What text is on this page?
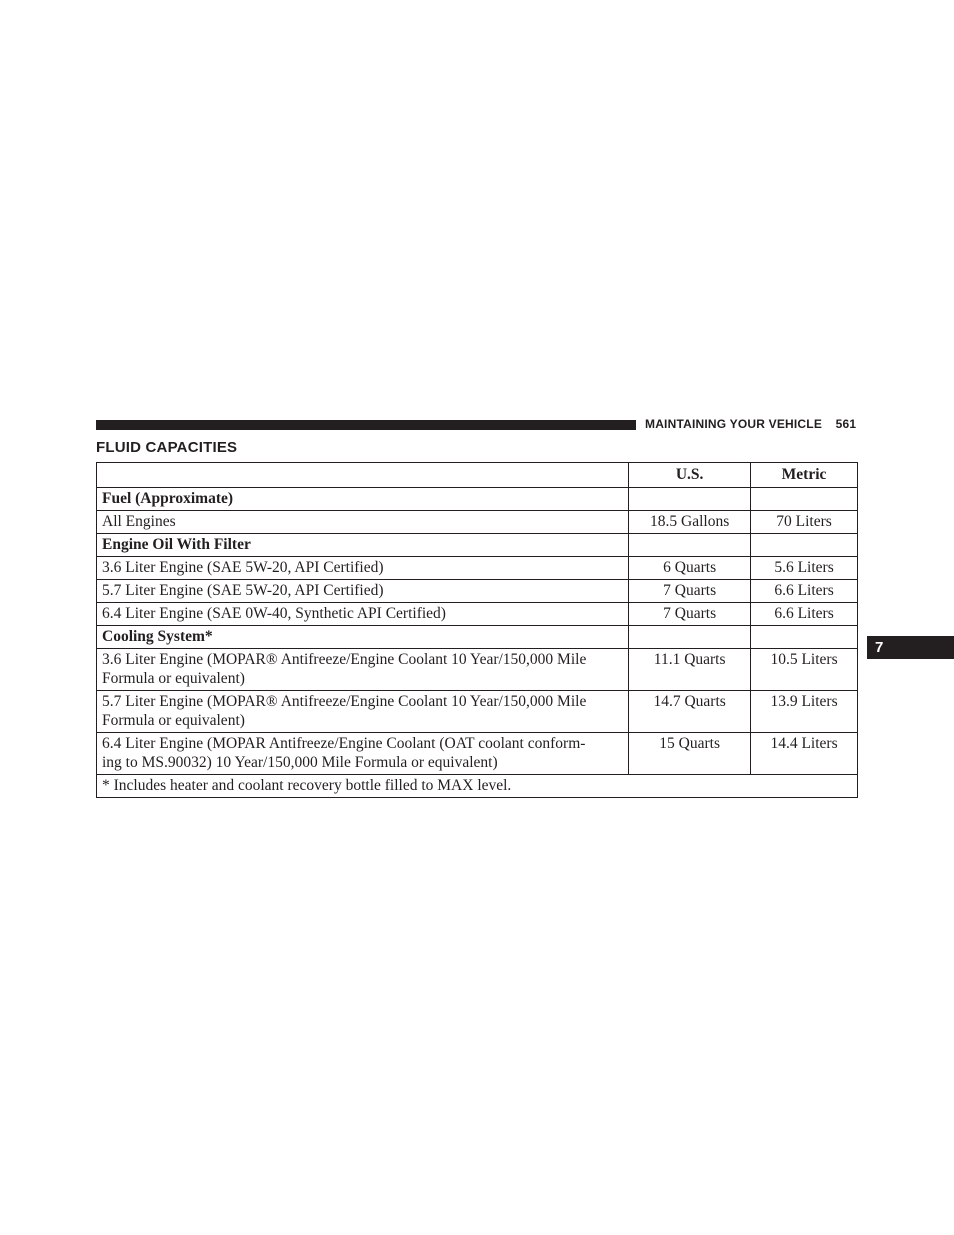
MAINTAINING YOUR VEHICLE 561
FLUID CAPACITIES
7
	U.S.	Metric
Fuel (Approximate)		
All Engines	18.5 Gallons	70 Liters
Engine Oil With Filter		
3.6 Liter Engine (SAE 5W-20, API Certified)	6 Quarts	5.6 Liters
5.7 Liter Engine (SAE 5W-20, API Certified)	7 Quarts	6.6 Liters
6.4 Liter Engine (SAE 0W-40, Synthetic API Certified)	7 Quarts	6.6 Liters
Cooling System*		

3.6 Liter Engine (MOPAR® Antifreeze/Engine Coolant 10 Year/150,000 Mile
Formula or equivalent)	11.1 Quarts	10.5 Liters

5.7 Liter Engine (MOPAR® Antifreeze/Engine Coolant 10 Year/150,000 Mile
Formula or equivalent)	14.7 Quarts	13.9 Liters

6.4 Liter Engine (MOPAR Antifreeze/Engine Coolant (OAT coolant conform-
ing to MS.90032) 10 Year/150,000 Mile Formula or equivalent)	15 Quarts	14.4 Liters
* Includes heater and coolant recovery bottle filled to MAX level.		
